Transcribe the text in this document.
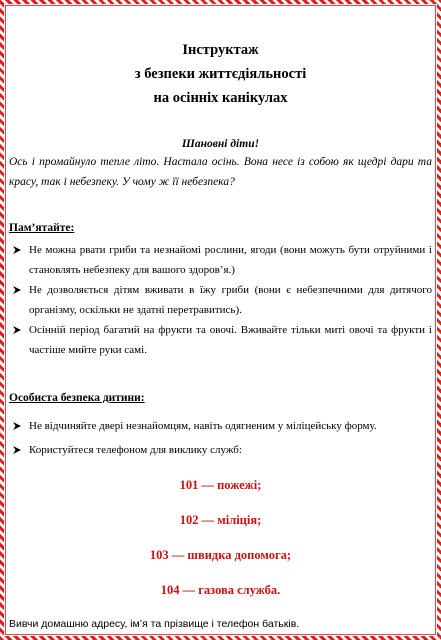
Інструктаж
з безпеки життєдіяльності
на осінніх канікулах
Шановні діти!
Ось і промайнуло тепле літо. Настала осінь. Вона несе із собою як щедрі дари та красу, так і небезпеку. У чому ж її небезпека?
Пам’ятайте:
Не можна рвати гриби та незнайомі рослини, ягоди (вони можуть бути отруйними і становлять небезпеку для вашого здоров’я.)
Не дозволяється дітям вживати в їжу гриби (вони є небезпечними для дитячого організму, оскільки не здатні перетравитись).
Осінній період багатий на фрукти та овочі. Вживайте тільки миті овочі та фрукти і частіше мийте руки самі.
Особиста безпека дитини:
Не відчиняйте двері незнайомцям, навіть одягненим у міліцейську форму.
Користуйтеся телефоном для виклику служб:
101 — пожежі;
102 — міліція;
103 — швидка допомога;
104 — газова служба.
Вивчи домашню адресу, ім’я та прізвище і телефон батьків.
